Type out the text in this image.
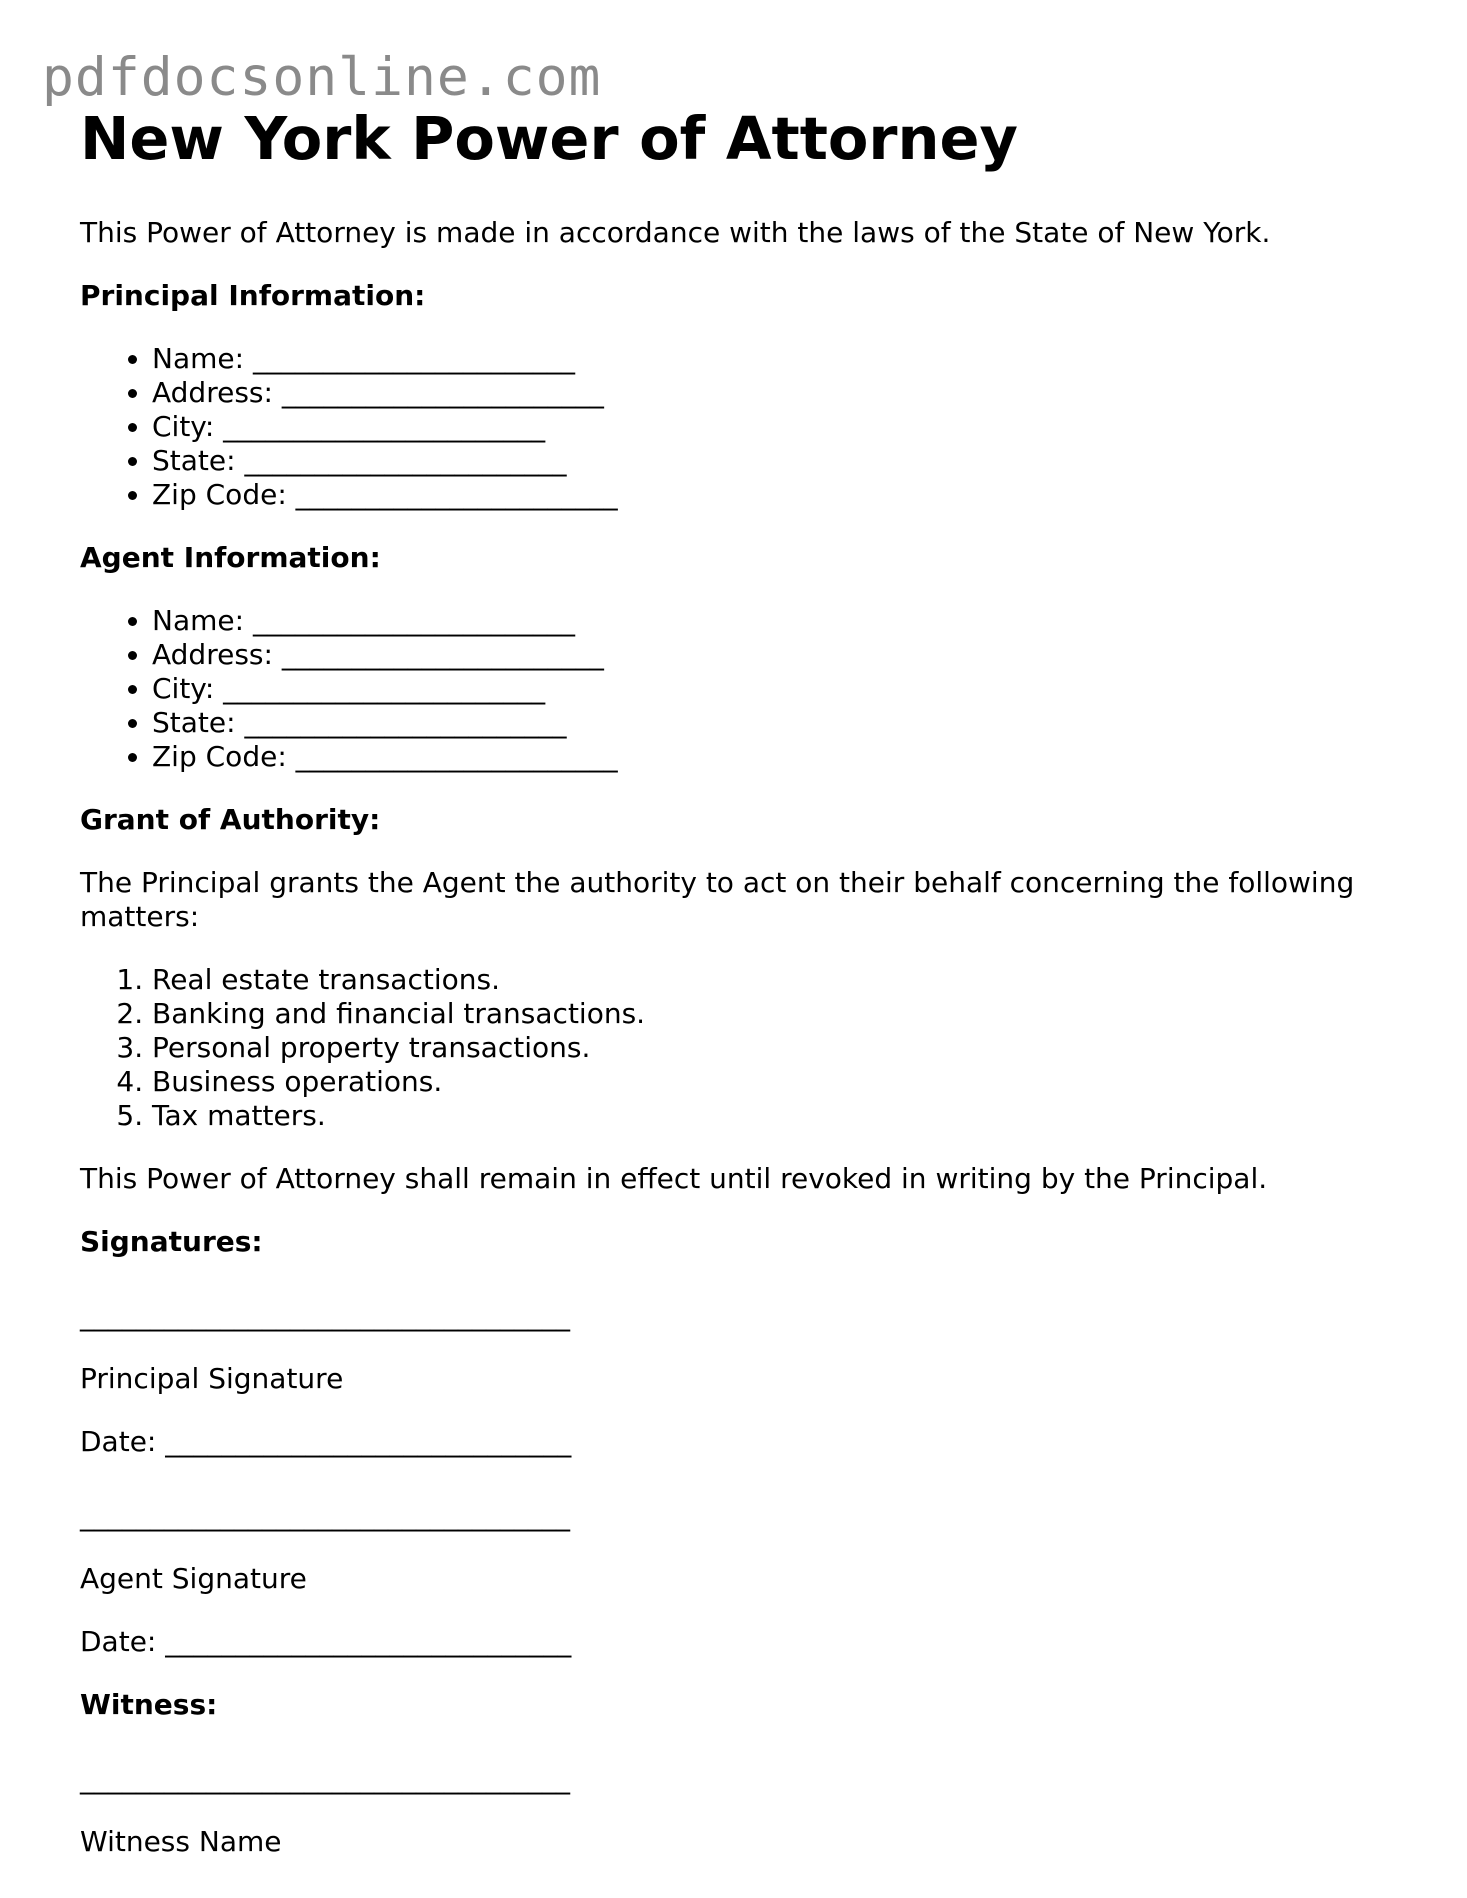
pdfdocsonline.com
New York Power of Attorney

This Power of Attorney is made in accordance with the laws of the State of New York.

Principal Information:

• Name: _______________________
• Address: _______________________
• City: _______________________
• State: _______________________
• Zip Code: _______________________

Agent Information:

• Name: _______________________
• Address: _______________________
• City: _______________________
• State: _______________________
• Zip Code: _______________________

Grant of Authority:

The Principal grants the Agent the authority to act on their behalf concerning the following matters:

1. Real estate transactions.
2. Banking and financial transactions.
3. Personal property transactions.
4. Business operations.
5. Tax matters.

This Power of Attorney shall remain in effect until revoked in writing by the Principal.

Signatures:

___________________________________

Principal Signature

Date: _____________________________

___________________________________

Agent Signature

Date: _____________________________

Witness:

___________________________________

Witness Name
